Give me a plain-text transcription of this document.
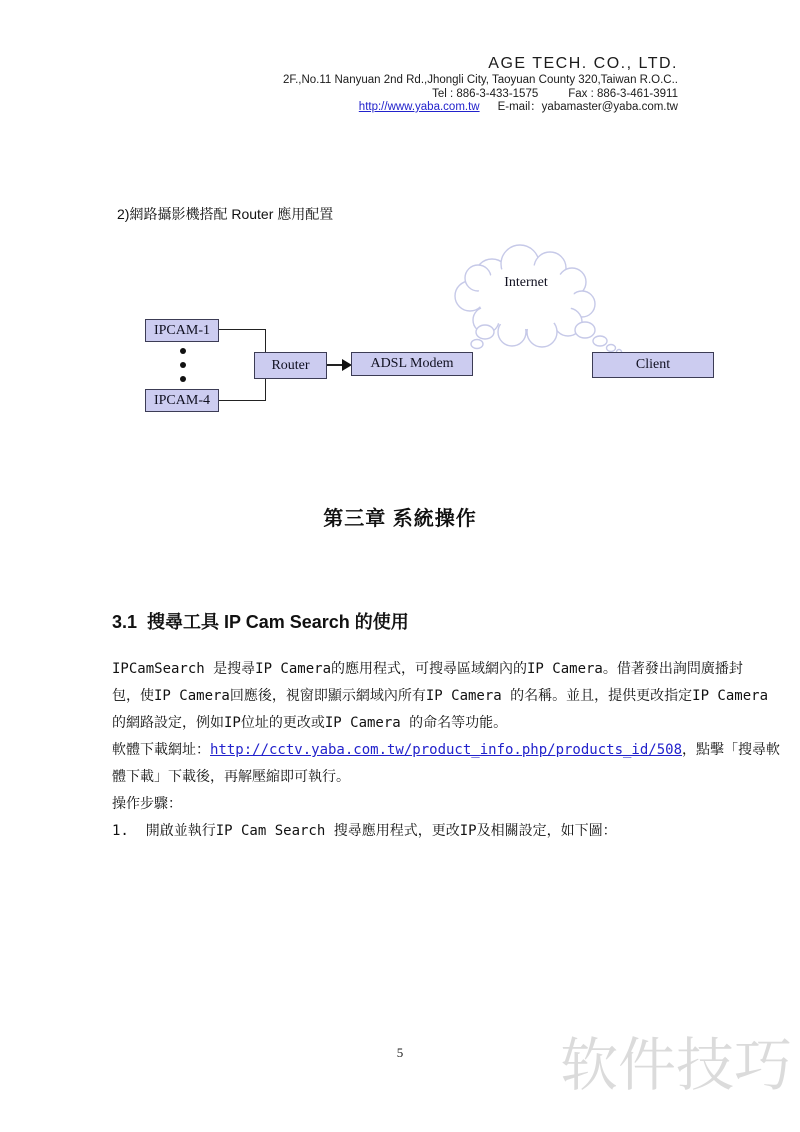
AGE TECH. CO., LTD.
2F.,No.11 Nanyuan 2nd Rd.,Jhongli City, Taoyuan County 320,Taiwan R.O.C..
Tel : 886-3-433-1575	Fax : 886-3-461-3911
http://www.yaba.com.tw E-mail：yabamaster@yaba.com.tw
2)網路攝影機搭配 Router 應用配置
IPCAM-1
IPCAM-4
Router	ADSL Modem	Client
Internet
第三章 系統操作
3.1  搜尋工具 IP Cam Search 的使用
IPCamSearch 是搜尋IP Camera的應用程式，可搜尋區域網內的IP Camera。借著發出詢問廣播封
包，使IP Camera回應後，視窗即顯示網域內所有IP Camera 的名稱。並且，提供更改指定IP Camera
的網路設定，例如IP位址的更改或IP Camera 的命名等功能。
軟體下載網址：http://cctv.yaba.com.tw/product_info.php/products_id/508，點擊「搜尋軟
體下載」下載後，再解壓縮即可執行。
操作步驟：
1.  開啟並執行IP Cam Search 搜尋應用程式，更改IP及相關設定，如下圖：
5	软件技巧
